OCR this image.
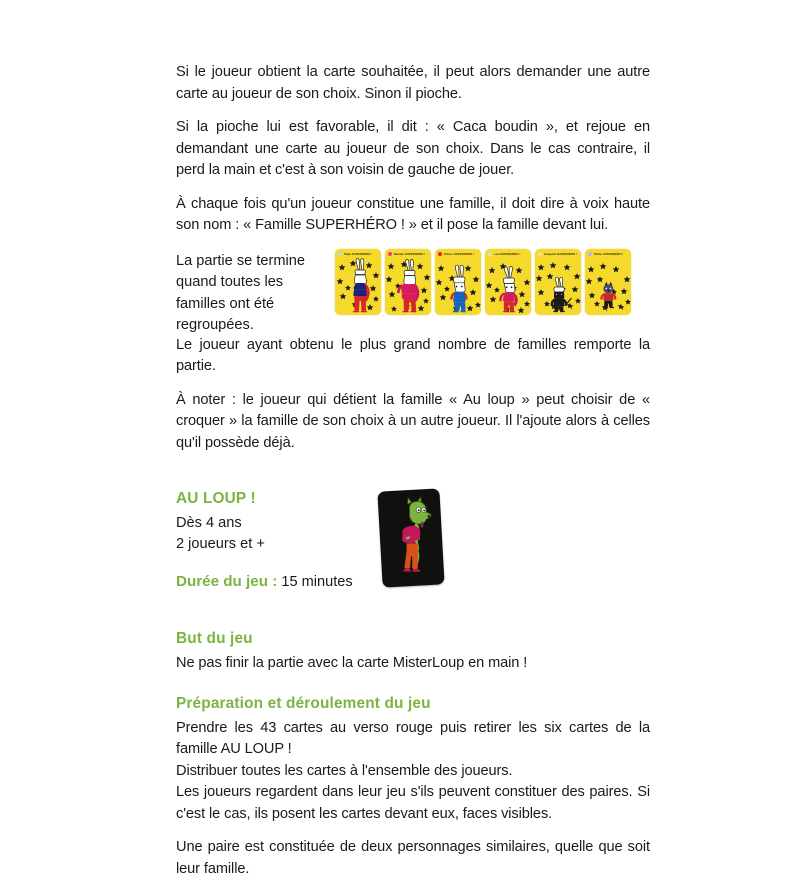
Si le joueur obtient la carte souhaitée, il peut alors demander une autre carte au joueur de son choix. Sinon il pioche.

Si la pioche lui est favorable, il dit : « Caca boudin », et rejoue en demandant une carte au joueur de son choix. Dans le cas contraire, il perd la main et c'est à son voisin de gauche de jouer.

À chaque fois qu'un joueur constitue une famille, il doit dire à voix haute son nom : « Famille SUPERHÉRO ! » et il pose la famille devant lui.

La partie se termine quand toutes les familles ont été regroupées.
Papa SUPERHÉRO !	Maman SUPERHÉRO !	Simon SUPERHÉRO !	Lou SUPERHÉRO !	Gaspard SUPERHÉRO !	Ptilou SUPERHÉRO !

Le joueur ayant obtenu le plus grand nombre de familles remporte la partie.

À noter : le joueur qui détient la famille « Au loup » peut choisir de « croquer » la famille de son choix à un autre joueur. Il l'ajoute alors à celles qu'il possède déjà.

AU LOUP !
Dès 4 ans
2 joueurs et +
Durée du jeu : 15 minutes
But du jeu

Ne pas finir la partie avec la carte MisterLoup en main !

Préparation et déroulement du jeu

Prendre les 43 cartes au verso rouge puis retirer les six cartes de la famille AU LOUP !

Distribuer toutes les cartes à l'ensemble des joueurs.

Les joueurs regardent dans leur jeu s'ils peuvent constituer des paires. Si c'est le cas, ils posent les cartes devant eux, faces visibles.

Une paire est constituée de deux personnages similaires, quelle que soit leur famille.
